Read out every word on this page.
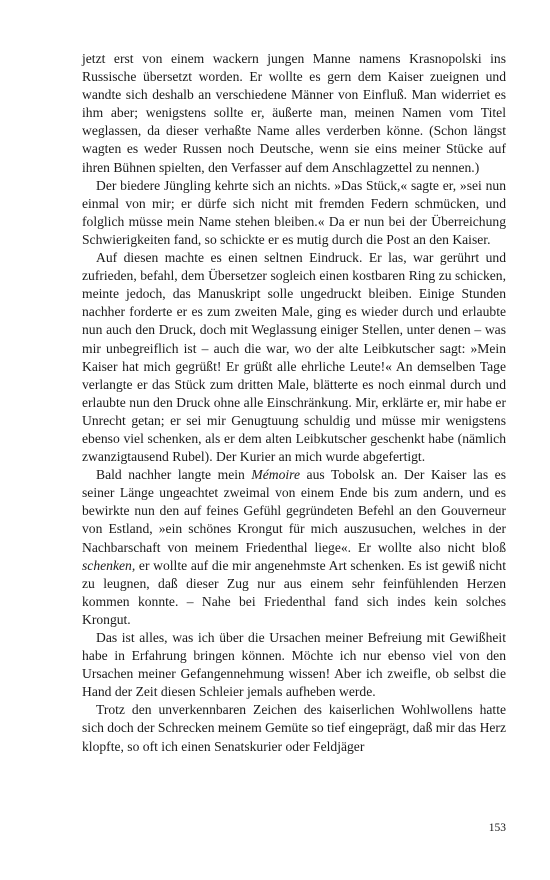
jetzt erst von einem wackern jungen Manne namens Krasnopolski ins Russische übersetzt worden. Er wollte es gern dem Kaiser zueignen und wandte sich deshalb an verschiedene Männer von Einfluß. Man widerriet es ihm aber; wenigstens sollte er, äußerte man, meinen Namen vom Titel weglassen, da dieser verhaßte Name alles verderben könne. (Schon längst wagten es weder Russen noch Deutsche, wenn sie eins meiner Stücke auf ihren Bühnen spielten, den Verfasser auf dem Anschlagzettel zu nennen.)

Der biedere Jüngling kehrte sich an nichts. »Das Stück,« sagte er, »sei nun einmal von mir; er dürfe sich nicht mit fremden Federn schmücken, und folglich müsse mein Name stehen bleiben.« Da er nun bei der Überreichung Schwierigkeiten fand, so schickte er es mutig durch die Post an den Kaiser.

Auf diesen machte es einen seltnen Eindruck. Er las, war gerührt und zufrieden, befahl, dem Übersetzer sogleich einen kostbaren Ring zu schicken, meinte jedoch, das Manuskript solle ungedruckt bleiben. Einige Stunden nachher forderte er es zum zweiten Male, ging es wieder durch und erlaubte nun auch den Druck, doch mit Weglassung einiger Stellen, unter denen – was mir unbegreiflich ist – auch die war, wo der alte Leibkutscher sagt: »Mein Kaiser hat mich gegrüßt! Er grüßt alle ehrliche Leute!« An demselben Tage verlangte er das Stück zum dritten Male, blätterte es noch einmal durch und erlaubte nun den Druck ohne alle Einschränkung. Mir, erklärte er, mir habe er Unrecht getan; er sei mir Genugtuung schuldig und müsse mir wenigstens ebenso viel schenken, als er dem alten Leibkutscher geschenkt habe (nämlich zwanzigtausend Rubel). Der Kurier an mich wurde abgefertigt.

Bald nachher langte mein Mémoire aus Tobolsk an. Der Kaiser las es seiner Länge ungeachtet zweimal von einem Ende bis zum andern, und es bewirkte nun den auf feines Gefühl gegründeten Befehl an den Gouverneur von Estland, »ein schönes Krongut für mich auszusuchen, welches in der Nachbarschaft von meinem Friedenthal liege«. Er wollte also nicht bloß schenken, er wollte auf die mir angenehmste Art schenken. Es ist gewiß nicht zu leugnen, daß dieser Zug nur aus einem sehr feinfühlenden Herzen kommen konnte. – Nahe bei Friedenthal fand sich indes kein solches Krongut.

Das ist alles, was ich über die Ursachen meiner Befreiung mit Gewißheit habe in Erfahrung bringen können. Möchte ich nur ebenso viel von den Ursachen meiner Gefangennehmung wissen! Aber ich zweifle, ob selbst die Hand der Zeit diesen Schleier jemals aufheben werde.

Trotz den unverkennbaren Zeichen des kaiserlichen Wohlwollens hatte sich doch der Schrecken meinem Gemüte so tief eingeprägt, daß mir das Herz klopfte, so oft ich einen Senatskurier oder Feldjäger

153
